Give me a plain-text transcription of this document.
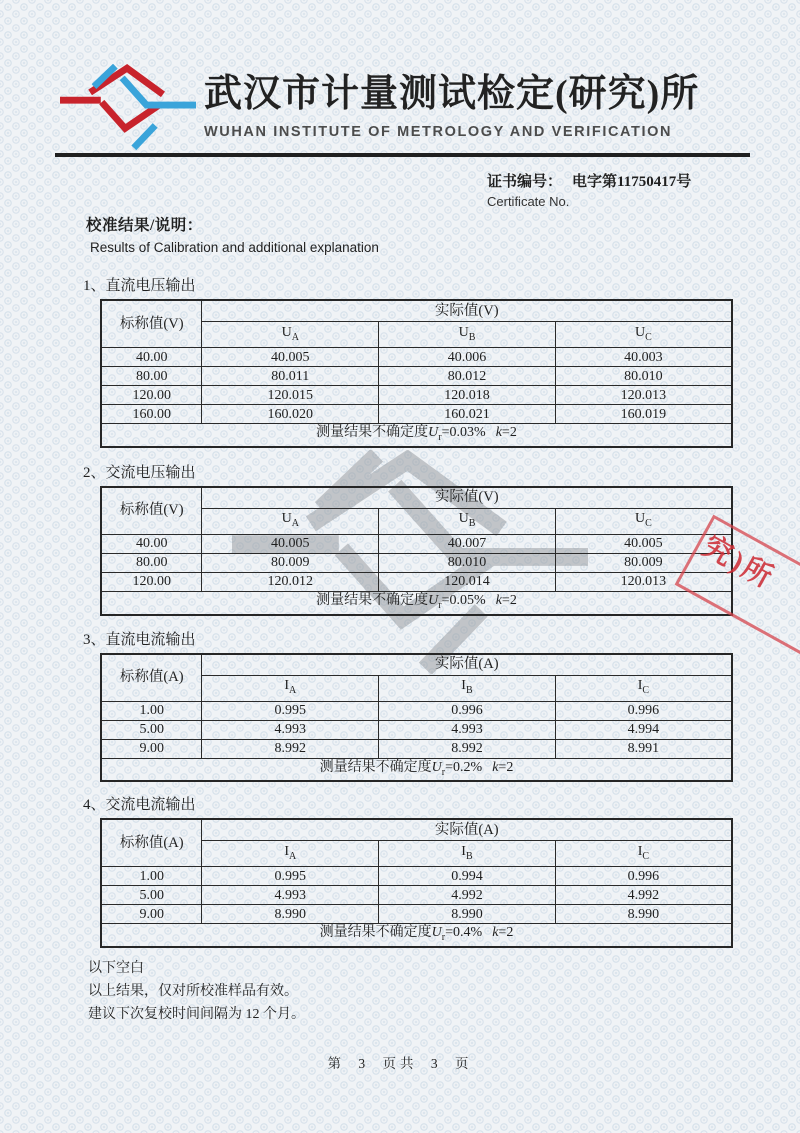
武汉市计量测试检定(研究)所
WUHAN INSTITUTE OF METROLOGY AND VERIFICATION
证书编号： 电字第11750417号
Certificate No.
校准结果/说明：
Results of Calibration and additional explanation
究)所
1、直流电压输出
标称值(V)	实际值(V)		
	$U_A$	$U_B$	$U_C$
40.00	40.005	40.006	40.003
80.00	80.011	80.012	80.010
120.00	120.015	120.018	120.013
160.00	160.020	160.021	160.019
测量结果不确定度$U_r=0.03\%$ k=2			
2、交流电压输出
标称值(V)	实际值(V)		
	$U_A$	$U_B$	$U_C$
40.00	40.005	40.007	40.005
80.00	80.009	80.010	80.009
120.00	120.012	120.014	120.013
测量结果不确定度$U_r=0.05\%$ k=2			
3、直流电流输出
标称值(A)	实际值(A)		
	$I_A$	$I_B$	$I_C$
1.00	0.995	0.996	0.996
5.00	4.993	4.993	4.994
9.00	8.992	8.992	8.991
测量结果不确定度$U_r=0.2\%$ k=2			
4、交流电流输出
标称值(A)	实际值(A)		
	$I_A$	$I_B$	$I_C$
1.00	0.995	0.994	0.996
5.00	4.993	4.992	4.992
9.00	8.990	8.990	8.990
测量结果不确定度$U_r=0.4\%$ k=2			
以下空白
以上结果，仅对所校准样品有效。
建议下次复校时间间隔为 12 个月。
第 3 页共 3 页
